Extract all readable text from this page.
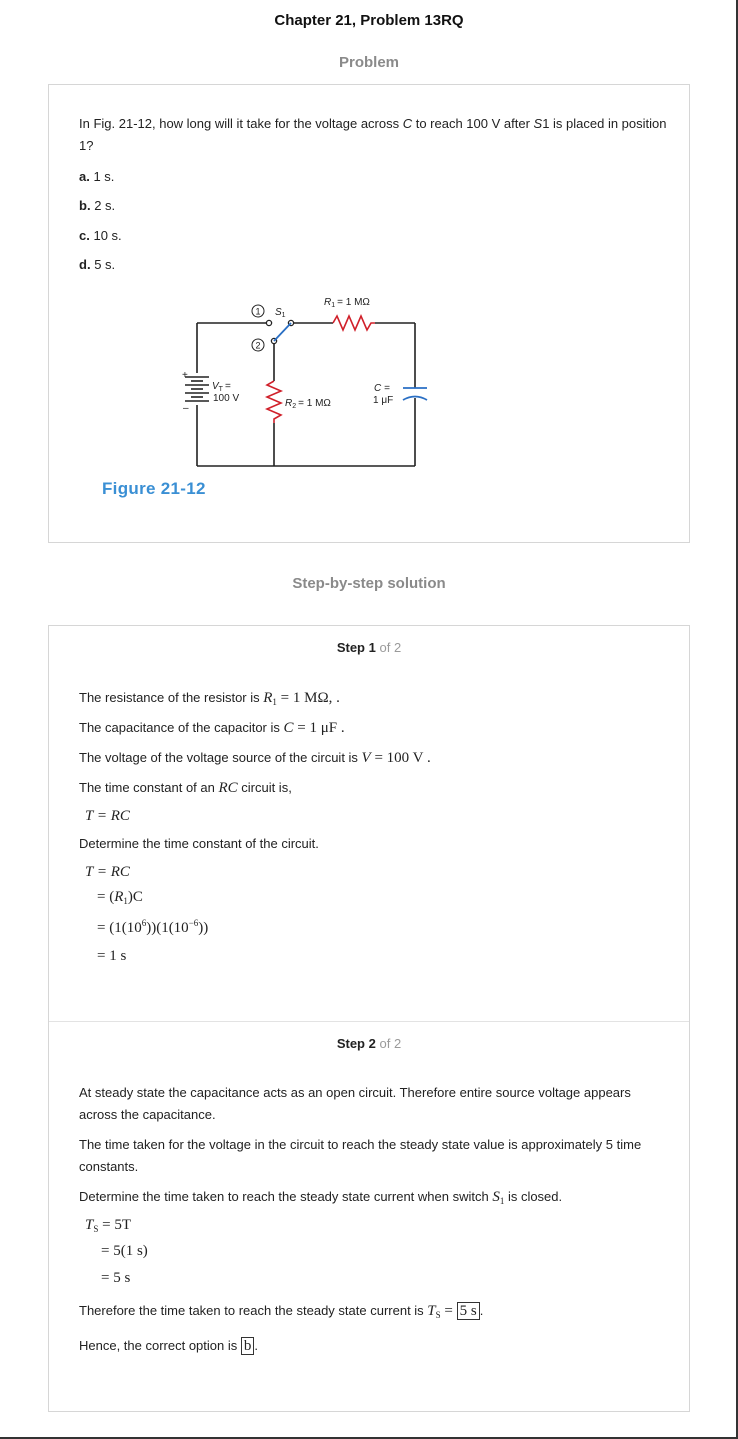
Chapter 21, Problem 13RQ
Problem
In Fig. 21-12, how long will it take for the voltage across C to reach 100 V after S1 is placed in position 1?
a. 1 s.
b. 2 s.
c. 10 s.
d. 5 s.
+
–
$V_T$ =
100 V
1
2
$S_1$
$R_1 = 1$ MΩ
$R_2 = 1$ MΩ
C =
1 μF
Figure 21-12
Step-by-step solution
Step 1 of 2
The resistance of the resistor is $R_1 = 1$ MΩ, .
The capacitance of the capacitor is C = 1 μF .
The voltage of the voltage source of the circuit is V = 100 V .
The time constant of an RC circuit is,
T = RC
Determine the time constant of the circuit.
T = RC
= $(R_1)C$
= $(1(10^6))(1(10^{-6}))$
= 1 s
Step 2 of 2
At steady state the capacitance acts as an open circuit. Therefore entire source voltage appears across the capacitance.
The time taken for the voltage in the circuit to reach the steady state value is approximately 5 time constants.
Determine the time taken to reach the steady state current when switch $S_1$ is closed.
$T_S = 5T$
= 5(1 s)
= 5 s
Therefore the time taken to reach the steady state current is $T_S = 5$ s .
Hence, the correct option is b .
